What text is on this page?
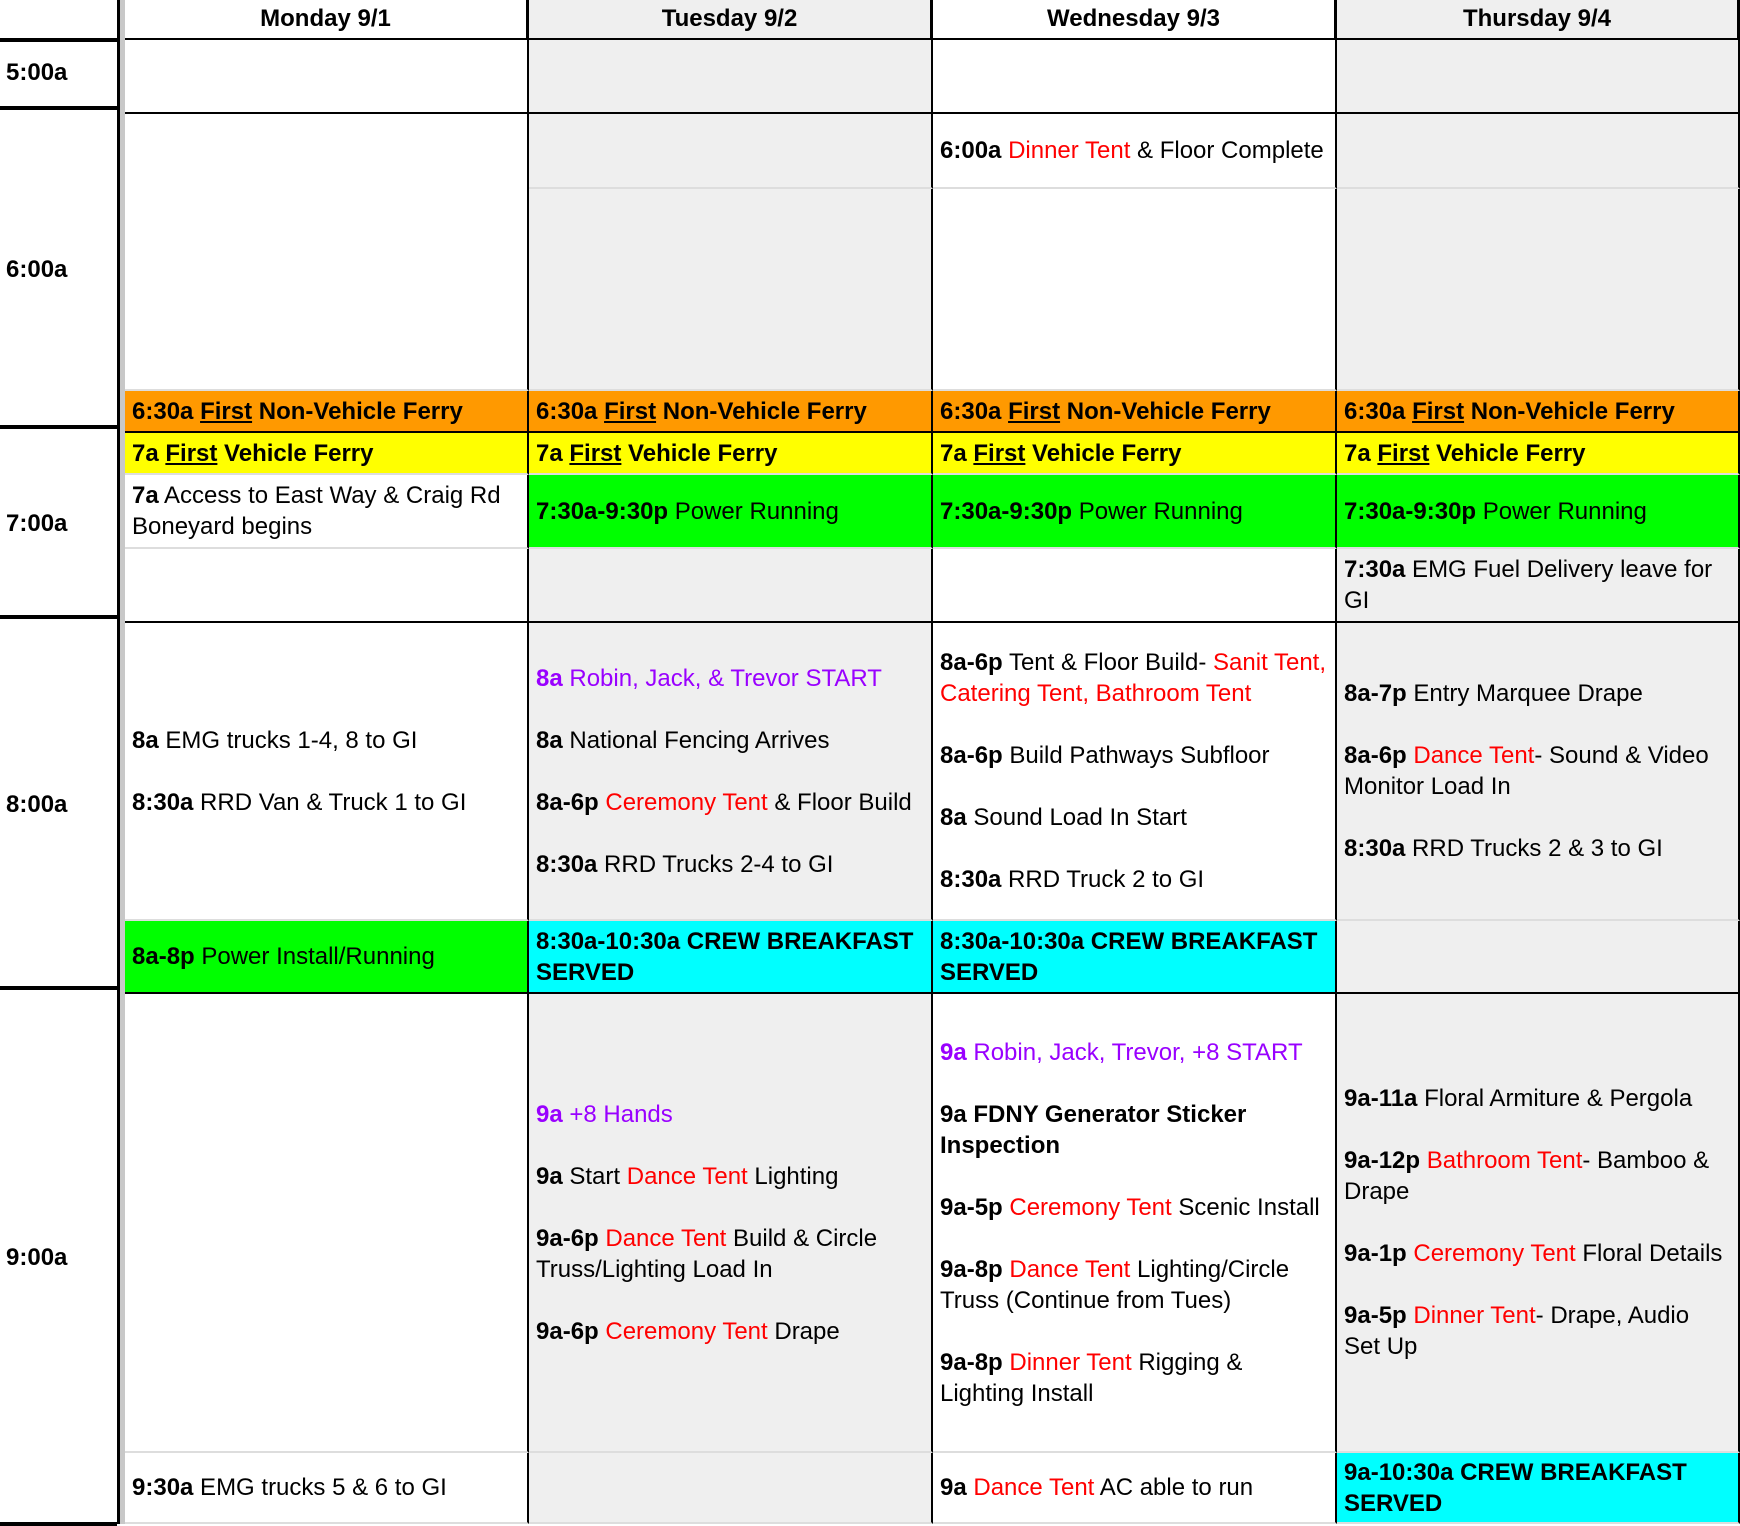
5:00a
6:00a
7:00a
8:00a
9:00a
Monday 9/1
6:30a First Non-Vehicle Ferry
7a First Vehicle Ferry
7a Access to East Way & Craig Rd Boneyard begins
8a EMG trucks 1-4, 8 to GI
8:30a RRD Van & Truck 1 to GI
8a-8p Power Install/Running
9:30a EMG trucks 5 & 6 to GI
Tuesday 9/2
6:30a First Non-Vehicle Ferry
7a First Vehicle Ferry
7:30a-9:30p Power Running
8a Robin, Jack, & Trevor START
8a National Fencing Arrives
8a-6p Ceremony Tent & Floor Build
8:30a RRD Trucks 2-4 to GI
8:30a-10:30a CREW BREAKFAST SERVED
9a +8 Hands
9a Start Dance Tent Lighting
9a-6p Dance Tent Build & Circle Truss/Lighting Load In
9a-6p Ceremony Tent Drape
Wednesday 9/3
6:00a Dinner Tent & Floor Complete
6:30a First Non-Vehicle Ferry
7a First Vehicle Ferry
7:30a-9:30p Power Running
8a-6p Tent & Floor Build- Sanit Tent, Catering Tent, Bathroom Tent
8a-6p Build Pathways Subfloor
8a Sound Load In Start
8:30a RRD Truck 2 to GI
8:30a-10:30a CREW BREAKFAST SERVED
9a Robin, Jack, Trevor, +8 START
9a FDNY Generator Sticker Inspection
9a-5p Ceremony Tent Scenic Install
9a-8p Dance Tent Lighting/Circle Truss (Continue from Tues)
9a-8p Dinner Tent Rigging & Lighting Install
9a Dance Tent AC able to run
Thursday 9/4
6:30a First Non-Vehicle Ferry
7a First Vehicle Ferry
7:30a-9:30p Power Running
7:30a EMG Fuel Delivery leave for GI
8a-7p Entry Marquee Drape
8a-6p Dance Tent- Sound & Video Monitor Load In
8:30a RRD Trucks 2 & 3 to GI
9a-11a Floral Armiture & Pergola
9a-12p Bathroom Tent- Bamboo & Drape
9a-1p Ceremony Tent Floral Details
9a-5p Dinner Tent- Drape, Audio Set Up
9a-10:30a CREW BREAKFAST SERVED
